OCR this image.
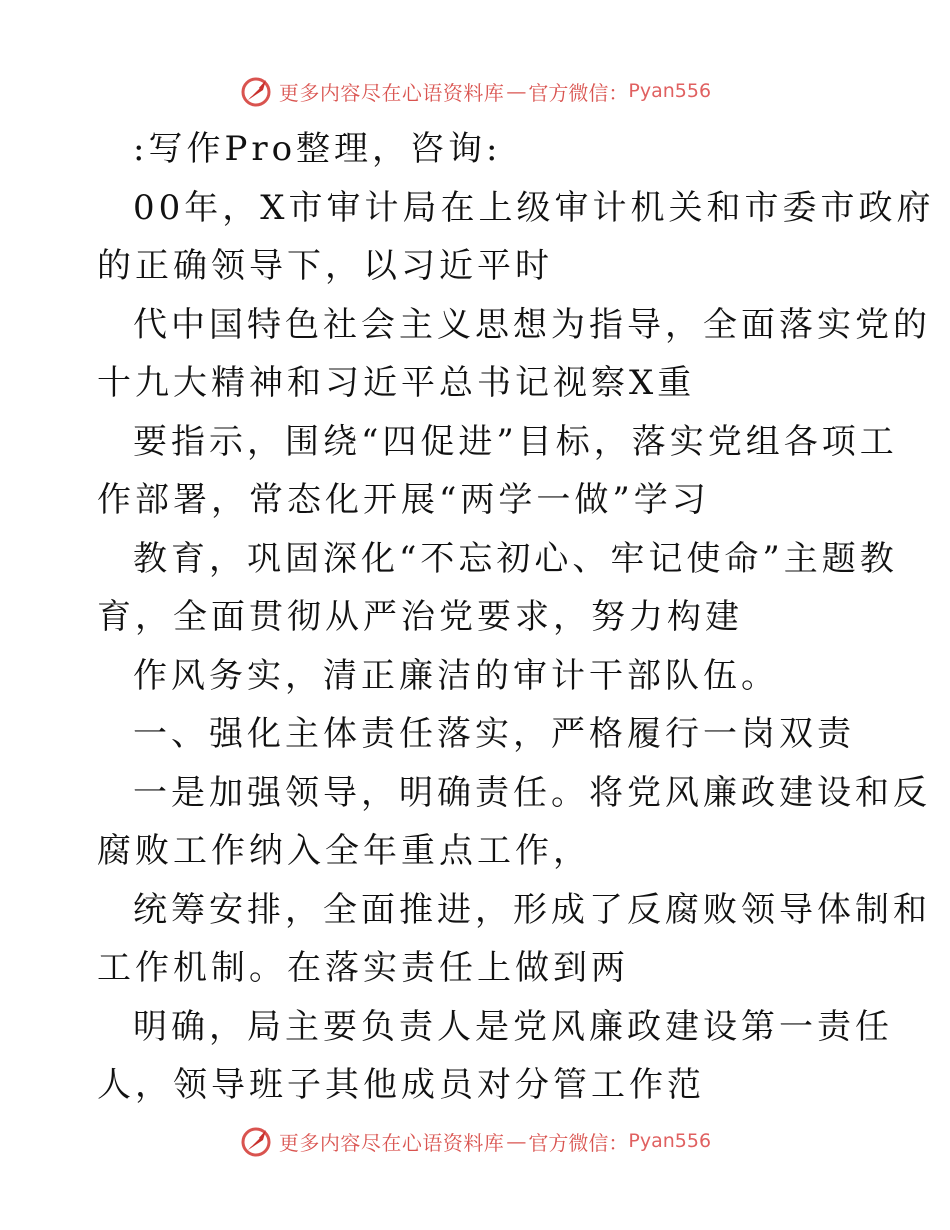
更多内容尽在心语资料库 — 官方微信： Pyan556

:写作Pro整理，咨询:

00年，X市审计局在上级审计机关和市委市政府

的正确领导下，以习近平时

代中国特色社会主义思想为指导，全面落实党的

十九大精神和习近平总书记视察X重

要指示，围绕“四促进”目标，落实党组各项工

作部署，常态化开展“两学一做”学习

教育，巩固深化“不忘初心、牢记使命”主题教

育，全面贯彻从严治党要求，努力构建

作风务实，清正廉洁的审计干部队伍。

一、强化主体责任落实，严格履行一岗双责

一是加强领导，明确责任。将党风廉政建设和反

腐败工作纳入全年重点工作，

统筹安排，全面推进，形成了反腐败领导体制和

工作机制。在落实责任上做到两

明确，局主要负责人是党风廉政建设第一责任

人，领导班子其他成员对分管工作范

更多内容尽在心语资料库 — 官方微信： Pyan556
